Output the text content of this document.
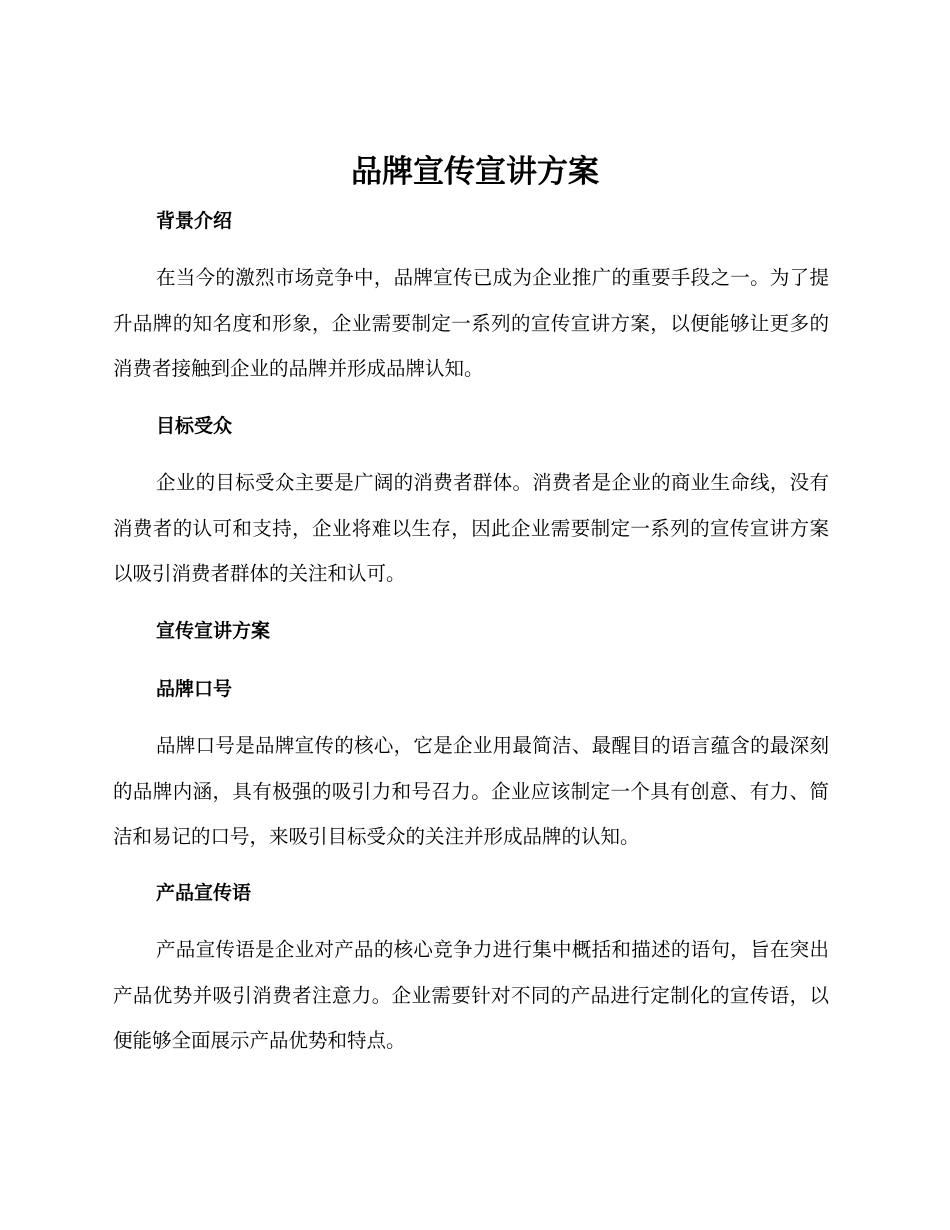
品牌宣传宣讲方案
背景介绍

在当今的激烈市场竞争中，品牌宣传已成为企业推广的重要手段之一。为了提升品牌的知名度和形象，企业需要制定一系列的宣传宣讲方案，以便能够让更多的消费者接触到企业的品牌并形成品牌认知。

目标受众

企业的目标受众主要是广阔的消费者群体。消费者是企业的商业生命线，没有消费者的认可和支持，企业将难以生存，因此企业需要制定一系列的宣传宣讲方案以吸引消费者群体的关注和认可。

宣传宣讲方案
品牌口号

品牌口号是品牌宣传的核心，它是企业用最简洁、最醒目的语言蕴含的最深刻的品牌内涵，具有极强的吸引力和号召力。企业应该制定一个具有创意、有力、简洁和易记的口号，来吸引目标受众的关注并形成品牌的认知。

产品宣传语

产品宣传语是企业对产品的核心竞争力进行集中概括和描述的语句，旨在突出产品优势并吸引消费者注意力。企业需要针对不同的产品进行定制化的宣传语，以便能够全面展示产品优势和特点。
